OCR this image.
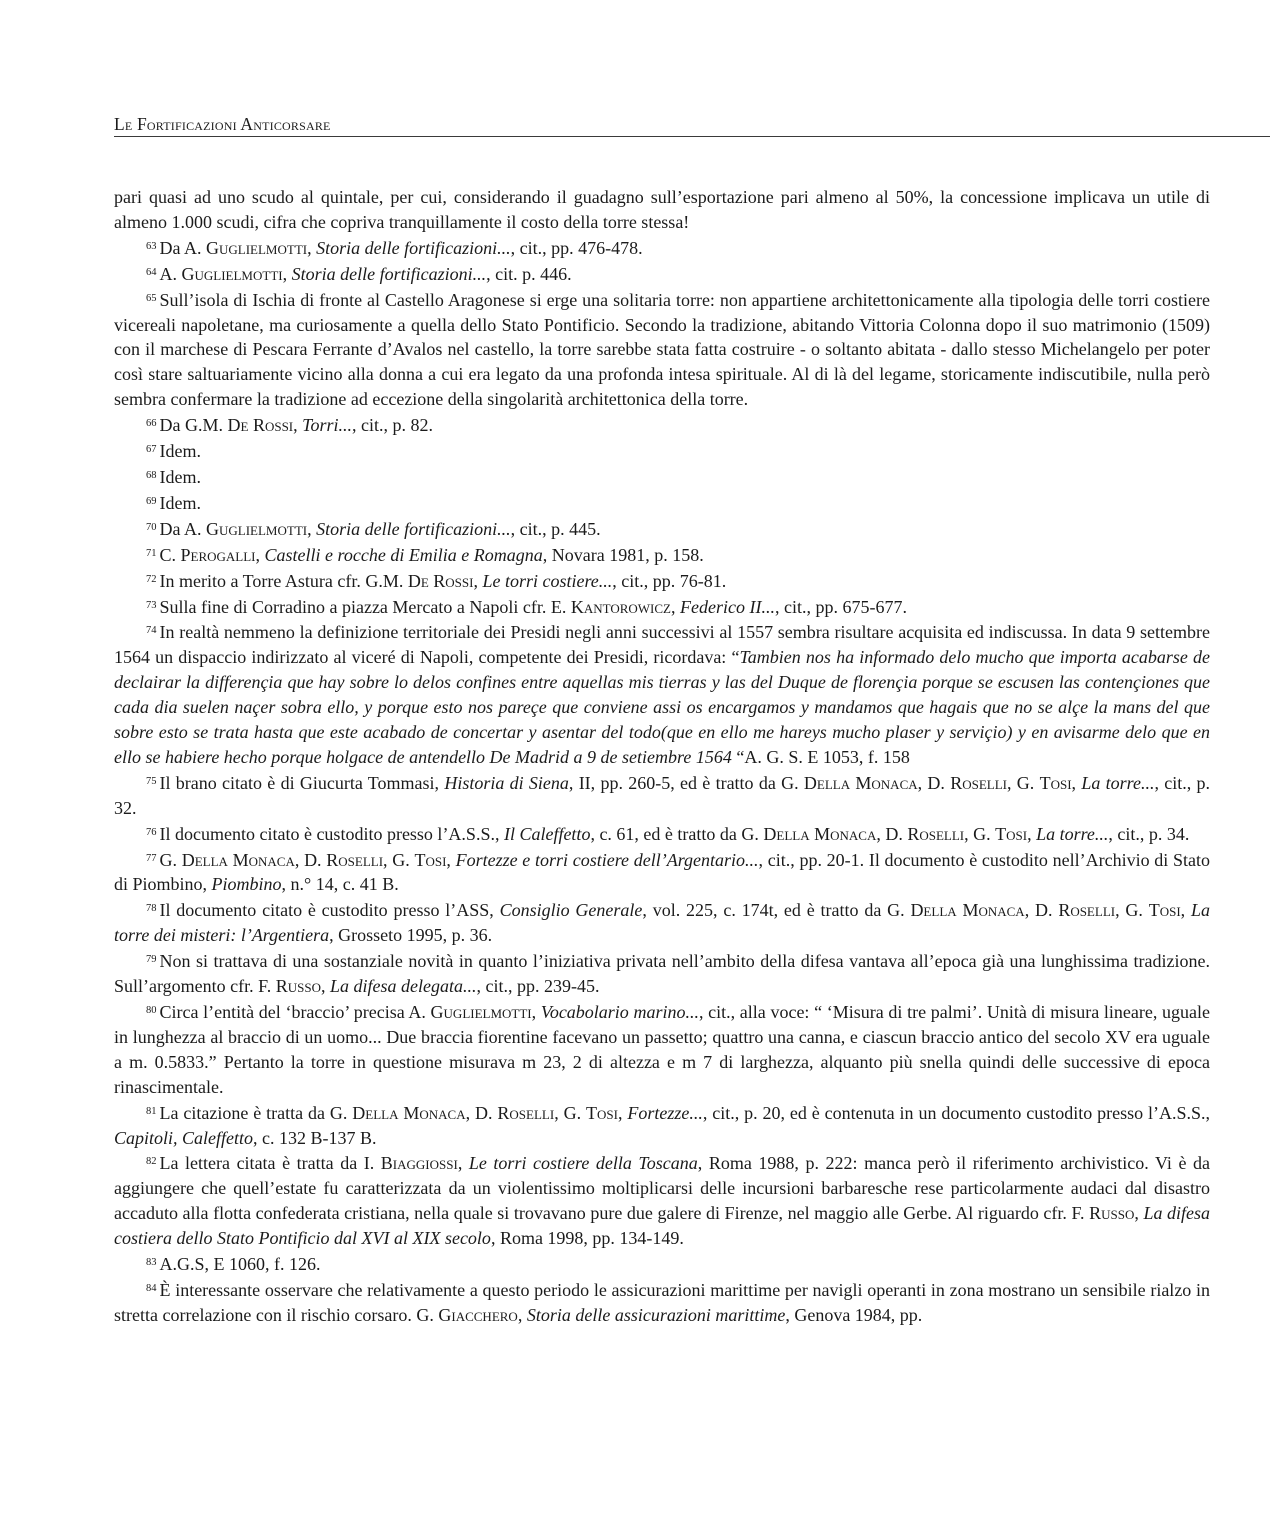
Le Fortificazioni Anticorsare

pari quasi ad uno scudo al quintale, per cui, considerando il guadagno sull’esportazione pari almeno al 50%, la concessione implicava un utile di almeno 1.000 scudi, cifra che copriva tranquillamente il costo della torre stessa!

  $^{63}$ Da A. Guglielmotti, Storia delle fortificazioni..., cit., pp. 476-478.

  $^{64}$ A. Guglielmotti, Storia delle fortificazioni..., cit. p. 446.

  $^{65}$ Sull’isola di Ischia di fronte al Castello Aragonese si erge una solitaria torre: non appartiene architettonicamente alla tipologia delle torri costiere vicereali napoletane, ma curiosamente a quella dello Stato Pontificio. Secondo la tradizione, abitando Vittoria Colonna dopo il suo matrimonio (1509) con il marchese di Pescara Ferrante d’Avalos nel castello, la torre sarebbe stata fatta costruire - o soltanto abitata - dallo stesso Michelangelo per poter così stare saltuariamente vicino alla donna a cui era legato da una profonda intesa spirituale. Al di là del legame, storicamente indiscutibile, nulla però sembra confermare la tradizione ad eccezione della singolarità architettonica della torre.

  $^{66}$ Da G.M. De Rossi, Torri..., cit., p. 82.

  $^{67}$ Idem.

  $^{68}$ Idem.

  $^{69}$ Idem.

  $^{70}$ Da A. Guglielmotti, Storia delle fortificazioni..., cit., p. 445.

  $^{71}$ C. Perogalli, Castelli e rocche di Emilia e Romagna, Novara 1981, p. 158.

  $^{72}$ In merito a Torre Astura cfr. G.M. De Rossi, Le torri costiere..., cit., pp. 76-81.

  $^{73}$ Sulla fine di Corradino a piazza Mercato a Napoli cfr. E. Kantorowicz, Federico II..., cit., pp. 675-677.

  $^{74}$ In realtà nemmeno la definizione territoriale dei Presidi negli anni successivi al 1557 sembra risultare acquisita ed indiscussa. In data 9 settembre 1564 un dispaccio indirizzato al viceré di Napoli, competente dei Presidi, ricordava: “Tambien nos ha informado delo mucho que importa acabarse de declairar la differençia que hay sobre lo delos confines entre aquellas mis tierras y las del Duque de florençia porque se escusen las contençiones que cada dia suelen naçer sobra ello, y porque esto nos pareçe que conviene assi os encargamos y mandamos que hagais que no se alçe la mans del que sobre esto se trata hasta que este acabado de concertar y asentar del todo(que en ello me hareys mucho plaser y serviçio) y en avisarme delo que en ello se habiere hecho porque holgace de antendello De Madrid a 9 de setiembre 1564 “A. G. S. E 1053, f. 158

  $^{75}$ Il brano citato è di Giucurta Tommasi, Historia di Siena, II, pp. 260-5, ed è tratto da G. Della Monaca, D. Roselli, G. Tosi, La torre..., cit., p. 32.

  $^{76}$ Il documento citato è custodito presso l’A.S.S., Il Caleffetto, c. 61, ed è tratto da G. Della Monaca, D. Roselli, G. Tosi, La torre..., cit., p. 34.

  $^{77}$ G. Della Monaca, D. Roselli, G. Tosi, Fortezze e torri costiere dell’Argentario..., cit., pp. 20-1. Il documento è custodito nell’Archivio di Stato di Piombino, Piombino, n.° 14, c. 41 B.

  $^{78}$ Il documento citato è custodito presso l’ASS, Consiglio Generale, vol. 225, c. 174t, ed è tratto da G. Della Monaca, D. Roselli, G. Tosi, La torre dei misteri: l’Argentiera, Grosseto 1995, p. 36.

  $^{79}$ Non si trattava di una sostanziale novità in quanto l’iniziativa privata nell’ambito della difesa vantava all’epoca già una lunghissima tradizione. Sull’argomento cfr. F. Russo, La difesa delegata..., cit., pp. 239-45.

  $^{80}$ Circa l’entità del ‘braccio’ precisa A. Guglielmotti, Vocabolario marino..., cit., alla voce: “ ‘Misura di tre palmi’. Unità di misura lineare, uguale in lunghezza al braccio di un uomo... Due braccia fiorentine facevano un passetto; quattro una canna, e ciascun braccio antico del secolo XV era uguale a m. 0.5833.” Pertanto la torre in questione misurava m 23, 2 di altezza e m 7 di larghezza, alquanto più snella quindi delle successive di epoca rinascimentale.

  $^{81}$ La citazione è tratta da G. Della Monaca, D. Roselli, G. Tosi, Fortezze..., cit., p. 20, ed è contenuta in un documento custodito presso l’A.S.S., Capitoli, Caleffetto, c. 132 B-137 B.

  $^{82}$ La lettera citata è tratta da I. Biaggiossi, Le torri costiere della Toscana, Roma 1988, p. 222: manca però il riferimento archivistico. Vi è da aggiungere che quell’estate fu caratterizzata da un violentissimo moltiplicarsi delle incursioni barbaresche rese particolarmente audaci dal disastro accaduto alla flotta confederata cristiana, nella quale si trovavano pure due galere di Firenze, nel maggio alle Gerbe. Al riguardo cfr. F. Russo, La difesa costiera dello Stato Pontificio dal XVI al XIX secolo, Roma 1998, pp. 134-149.

  $^{83}$ A.G.S, E 1060, f. 126.

  $^{84}$ È interessante osservare che relativamente a questo periodo le assicurazioni marittime per navigli operanti in zona mostrano un sensibile rialzo in stretta correlazione con il rischio corsaro. G. Giacchero, Storia delle assicurazioni marittime, Genova 1984, pp.
